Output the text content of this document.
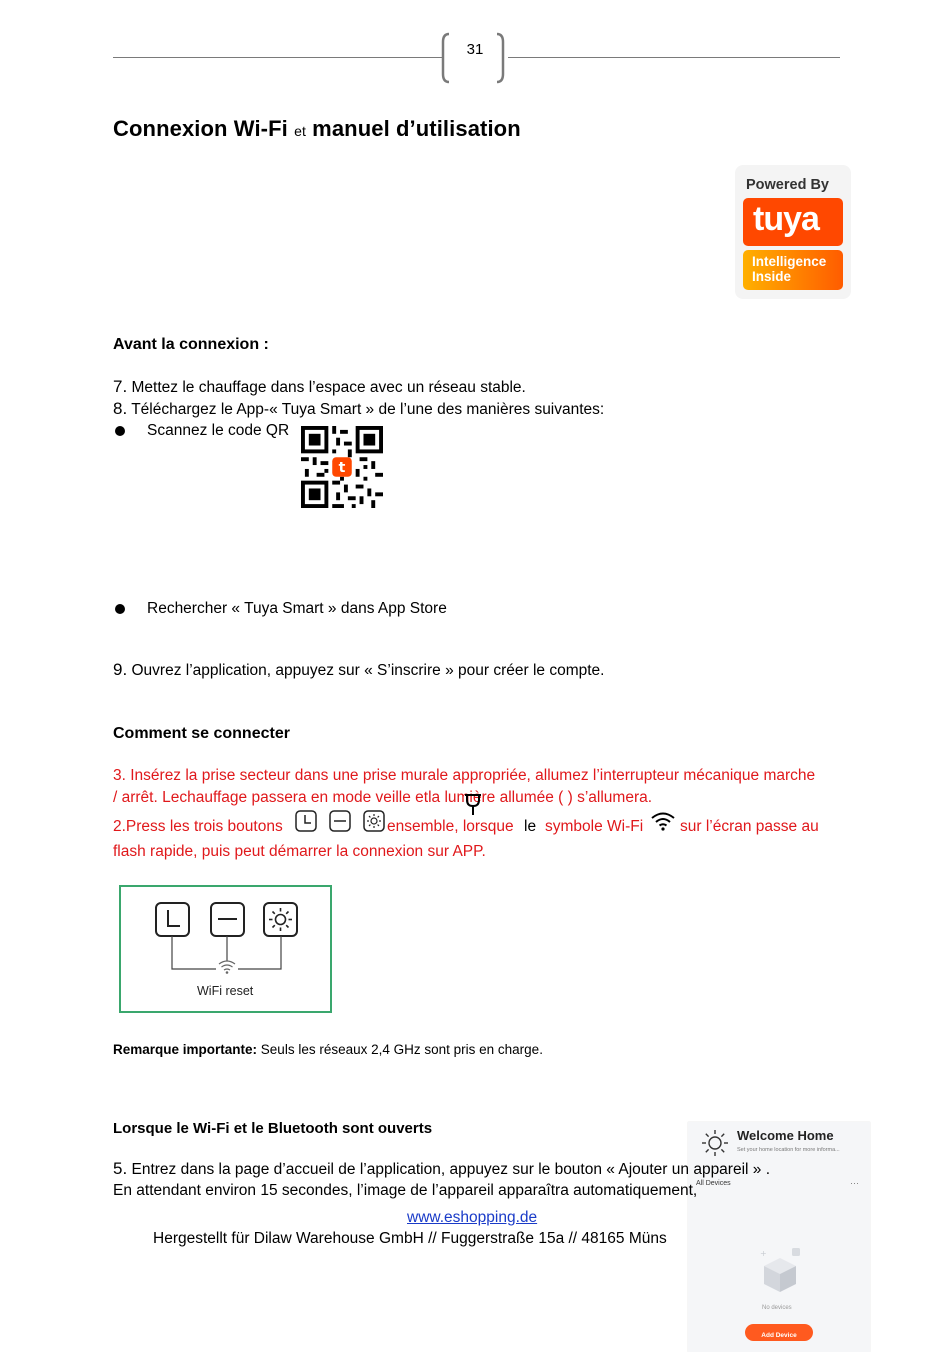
31
Connexion Wi-Fi et manuel d’utilisation
Powered By
tuya
Intelligence
Inside
Avant la connexion :
7. Mettez le chauffage dans l’espace avec un réseau stable.
8. Téléchargez le App-« Tuya Smart » de l’une des manières suivantes:
Scannez le code QR
t
Rechercher « Tuya Smart » dans App Store
9. Ouvrez l’application, appuyez sur « S’inscrire » pour créer le compte.
Comment se connecter
3. Insérez la prise secteur dans une prise murale appropriée, allumez l’interrupteur mécanique marche
/ arrêt. Lechauffage passera en mode veille etla lumière allumée ( ) s’allumera.
2.Press les trois boutons	ensemble, lorsque le symbole Wi-Fi sur l’écran passe au
flash rapide, puis peut démarrer la connexion sur APP.
WiFi reset
Remarque importante: Seuls les réseaux 2,4 GHz sont pris en charge.
Lorsque le Wi-Fi et le Bluetooth sont ouverts	Welcome Home
Set your home location for more informa...
All Devices	···
+
No devices
Add Device
5. Entrez dans la page d’accueil de l’application, appuyez sur le bouton « Ajouter un appareil » .
En attendant environ 15 secondes, l’image de l’appareil apparaîtra automatiquement,
www.eshopping.de
Hergestellt für Dilaw Warehouse GmbH // Fuggerstraße 15a // 48165 Müns
